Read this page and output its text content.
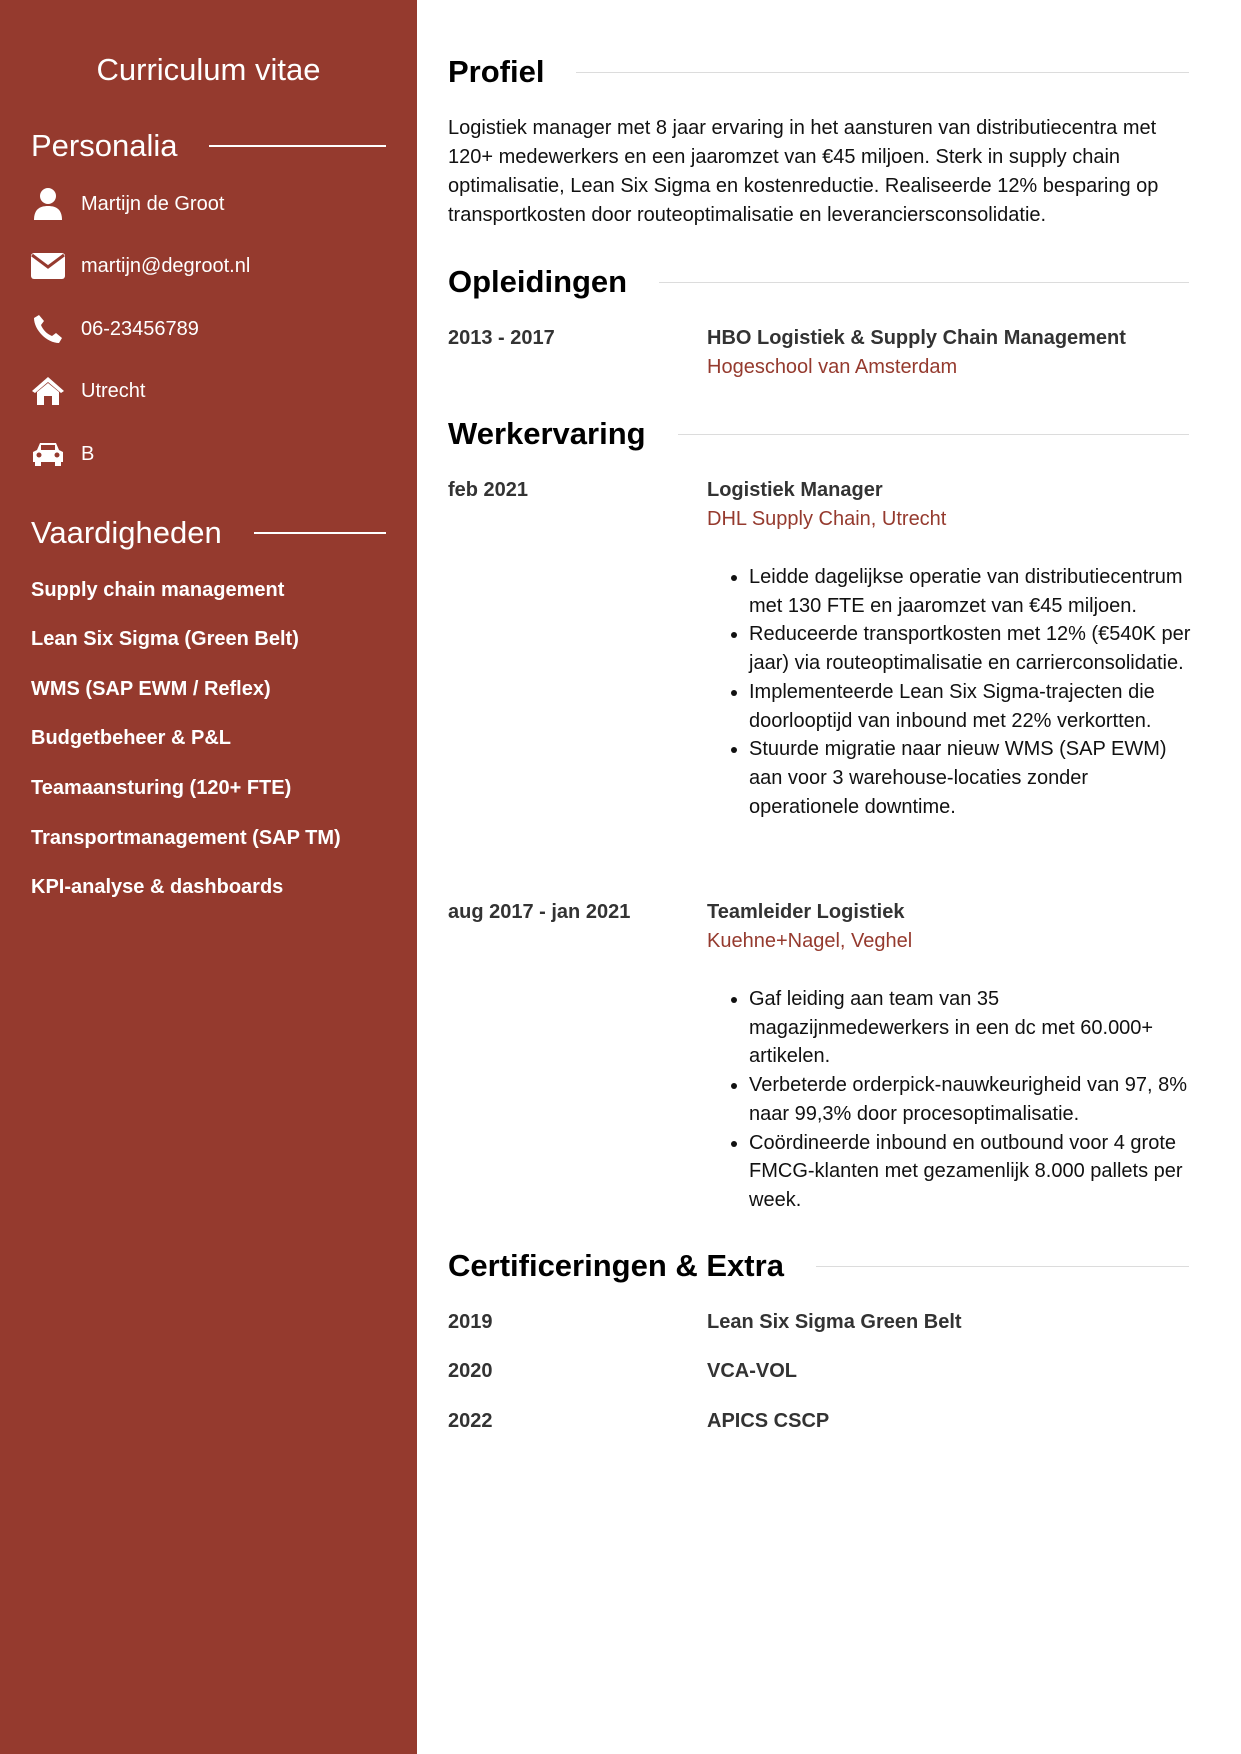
Curriculum vitae
Personalia
Martijn de Groot
martijn@degroot.nl
06-23456789
Utrecht
B
Vaardigheden
Supply chain management
Lean Six Sigma (Green Belt)
WMS (SAP EWM / Reflex)
Budgetbeheer & P&L
Teamaansturing (120+ FTE)
Transportmanagement (SAP TM)
KPI-analyse & dashboards
Profiel
Logistiek manager met 8 jaar ervaring in het aansturen van distributiecentra met 120+ medewerkers en een jaaromzet van €45 miljoen. Sterk in supply chain optimalisatie, Lean Six Sigma en kostenreductie. Realiseerde 12% besparing op transportkosten door routeoptimalisatie en leveranciersconsolidatie.
Opleidingen
2013 - 2017	HBO Logistiek & Supply Chain Management
Hogeschool van Amsterdam
Werkervaring
feb 2021	Logistiek Manager
DHL Supply Chain, Utrecht
• Leidde dagelijkse operatie van distributiecentrum met 130 FTE en jaaromzet van €45 miljoen.
• Reduceerde transportkosten met 12% (€540K per jaar) via routeoptimalisatie en carrierconsolidatie.
• Implementeerde Lean Six Sigma-trajecten die doorlooptijd van inbound met 22% verkortten.
• Stuurde migratie naar nieuw WMS (SAP EWM) aan voor 3 warehouse-locaties zonder operationele downtime.
aug 2017 - jan 2021	Teamleider Logistiek
Kuehne+Nagel, Veghel
• Gaf leiding aan team van 35 magazijnmedewerkers in een dc met 60.000+ artikelen.
• Verbeterde orderpick-nauwkeurigheid van 97, 8% naar 99,3% door procesoptimalisatie.
• Coördineerde inbound en outbound voor 4 grote FMCG-klanten met gezamenlijk 8.000 pallets per week.
Certificeringen & Extra
2019	Lean Six Sigma Green Belt
2020	VCA-VOL
2022	APICS CSCP
